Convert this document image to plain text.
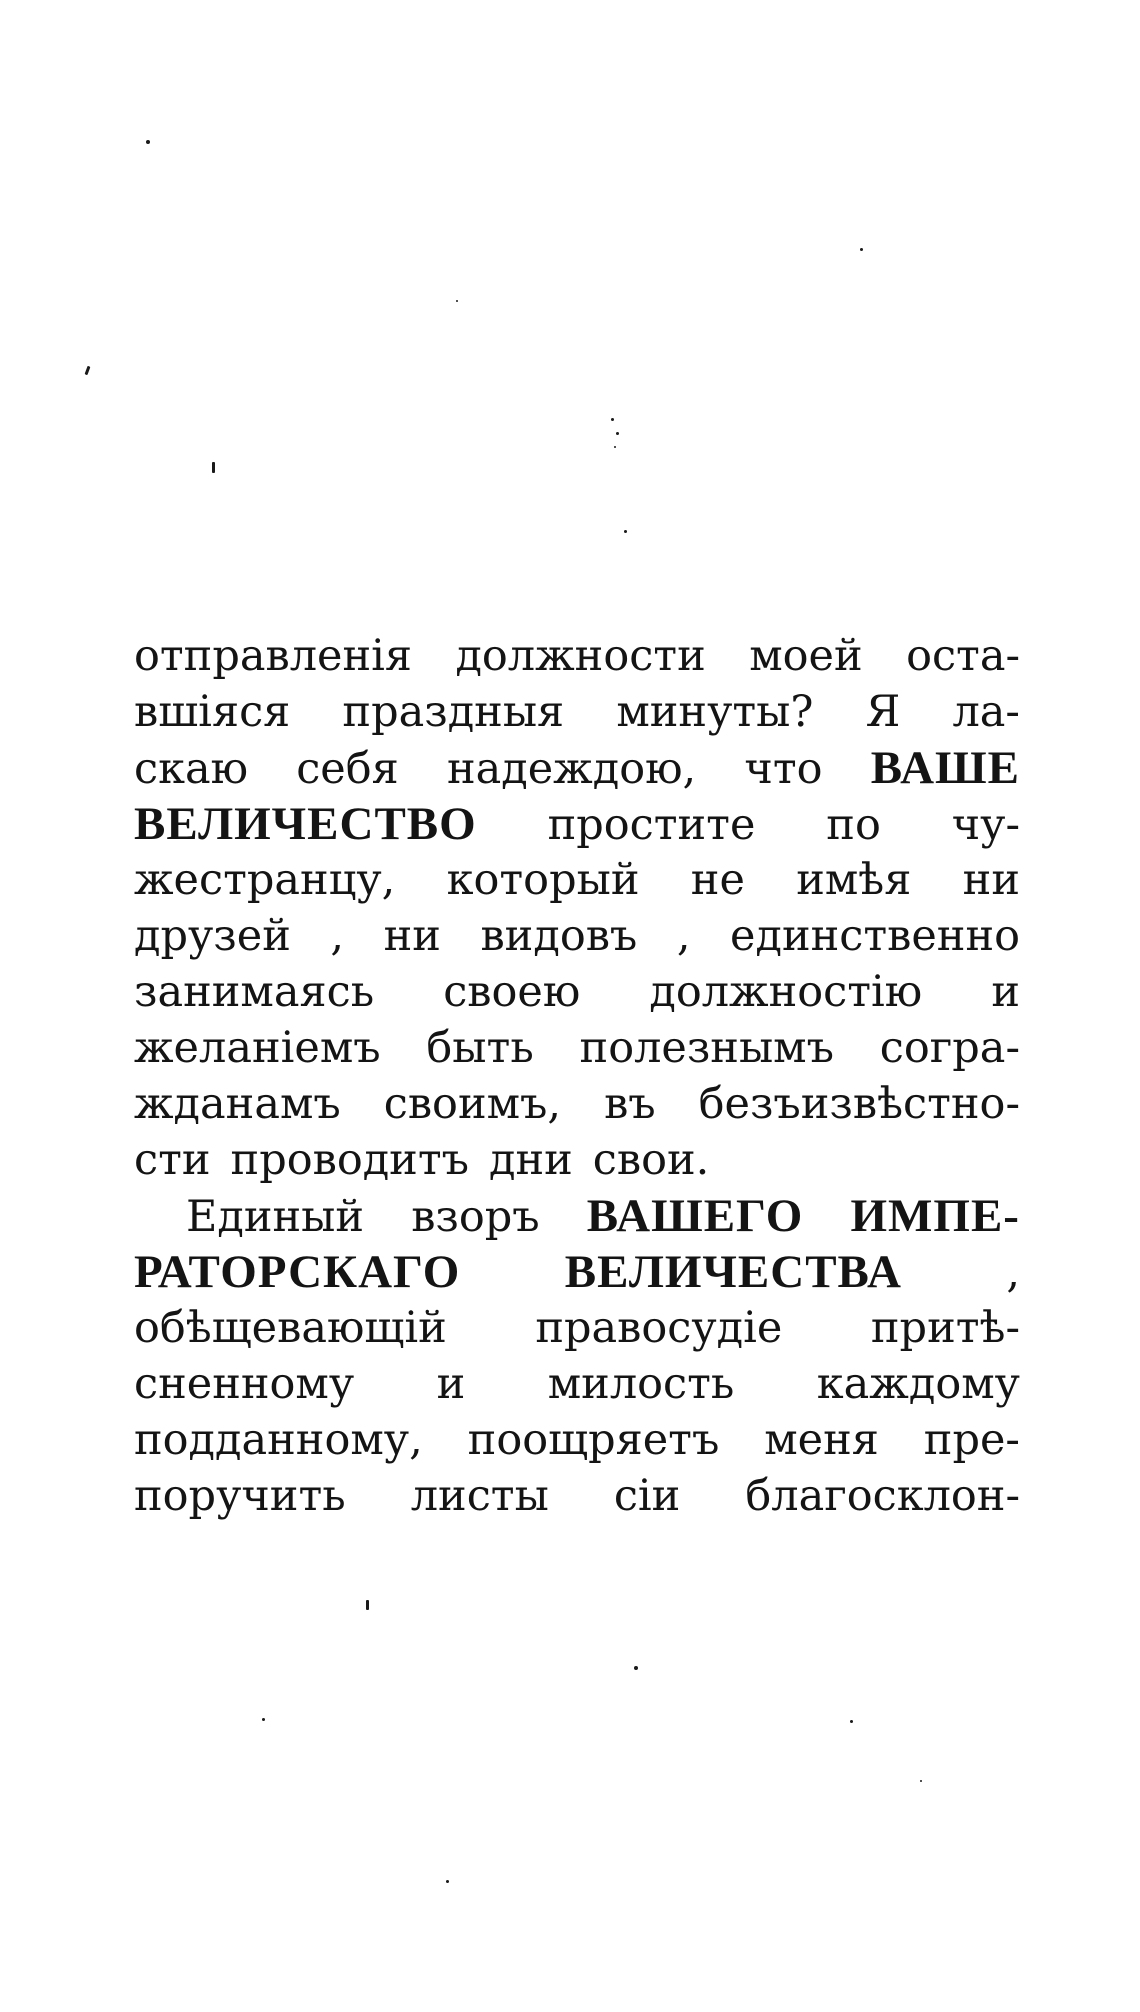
отправленія должности моей оста-
вшіяся праздныя минуты? Я ла-
скаю себя надеждою, что ВАШЕ
ВЕЛИЧЕСТВО простите по чу-
жестранцу, который не имѣя ни
друзей , ни видовъ , единственно
занимаясь своею должностію и
желаніемъ быть полезнымъ согра-
жданамъ своимъ, въ безъизвѣстно-
сти проводитъ дни свои.
Единый взоръ ВАШЕГО ИМПЕ-
РАТОРСКАГО ВЕЛИЧЕСТВА ,
обѣщевающій правосудіе притѣ-
сненному и милость каждому
подданному, поощряетъ меня пре-
поручить листы сіи благосклон-
